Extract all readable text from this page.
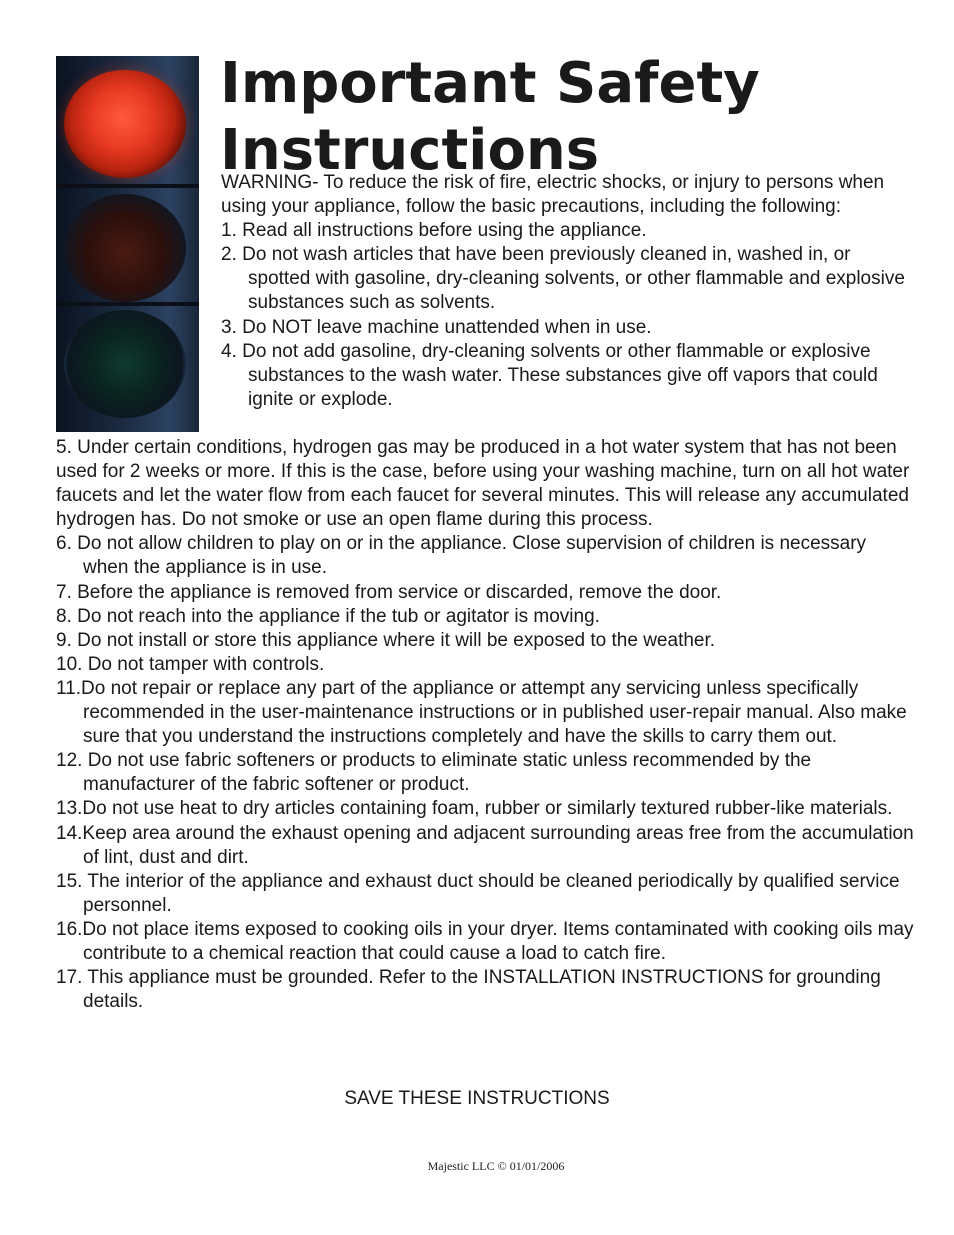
Important Safety
Instructions

WARNING- To reduce the risk of fire, electric shocks, or injury to persons when using your appliance, follow the basic precautions, including the following:

1. Read all instructions before using the appliance.

2. Do not wash articles that have been previously cleaned in, washed in, or spotted with gasoline, dry-cleaning solvents, or other flammable and explosive substances such as solvents.

3. Do NOT leave machine unattended when in use.

4. Do not add gasoline, dry-cleaning solvents or other flammable or explosive substances to the wash water. These substances give off vapors that could ignite or explode.

5. Under certain conditions, hydrogen gas may be produced in a hot water system that has not been used for 2 weeks or more. If this is the case, before using your washing machine, turn on all hot water faucets and let the water flow from each faucet for several minutes. This will release any accumulated hydrogen has. Do not smoke or use an open flame during this process.

6. Do not allow children to play on or in the appliance. Close supervision of children is necessary when the appliance is in use.

7. Before the appliance is removed from service or discarded, remove the door.

8. Do not reach into the appliance if the tub or agitator is moving.

9. Do not install or store this appliance where it will be exposed to the weather.

10. Do not tamper with controls.

11.Do not repair or replace any part of the appliance or attempt any servicing unless specifically recommended in the user-maintenance instructions or in published user-repair manual. Also make sure that you understand the instructions completely and have the skills to carry them out.

12. Do not use fabric softeners or products to eliminate static unless recommended by the manufacturer of the fabric softener or product.

13.Do not use heat to dry articles containing foam, rubber or similarly textured rubber-like materials.

14.Keep area around the exhaust opening and adjacent surrounding areas free from the accumulation of lint, dust and dirt.

15. The interior of the appliance and exhaust duct should be cleaned periodically by qualified service personnel.

16.Do not place items exposed to cooking oils in your dryer. Items contaminated with cooking oils may contribute to a chemical reaction that could cause a load to catch fire.

17. This appliance must be grounded. Refer to the INSTALLATION INSTRUCTIONS for grounding details.

SAVE THESE INSTRUCTIONS
Majestic LLC © 01/01/2006
